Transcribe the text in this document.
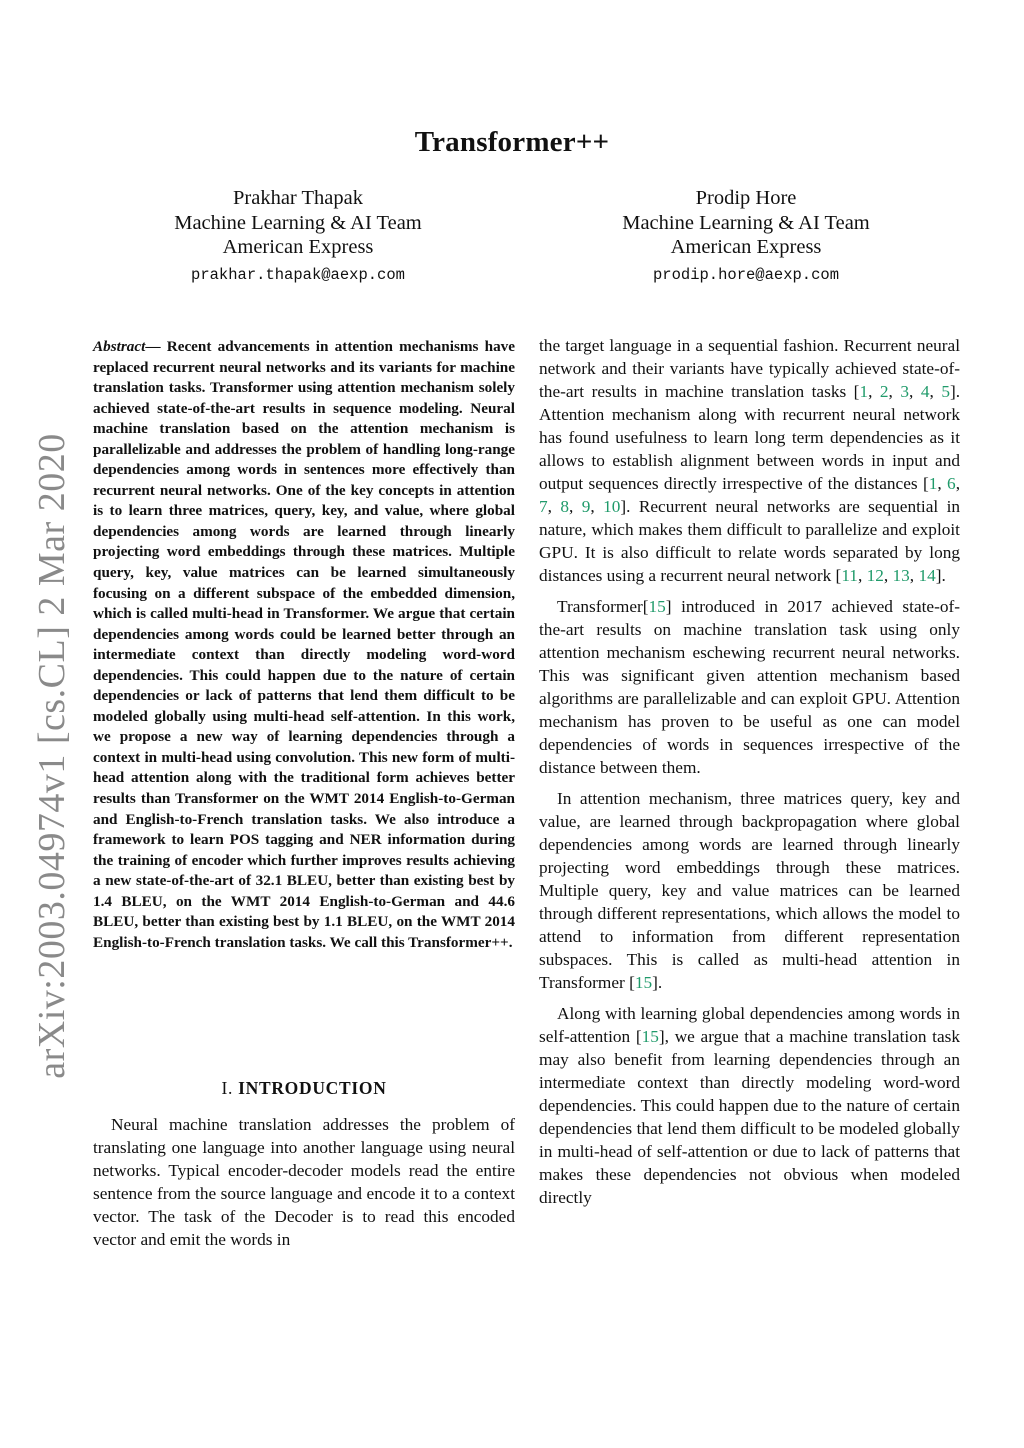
arXiv:2003.04974v1 [cs.CL] 2 Mar 2020
Transformer++
Prakhar Thapak
Machine Learning & AI Team
American Express
prakhar.thapak@aexp.com
Prodip Hore
Machine Learning & AI Team
American Express
prodip.hore@aexp.com
Abstract— Recent advancements in attention mechanisms have replaced recurrent neural networks and its variants for machine translation tasks. Transformer using attention mechanism solely achieved state-of-the-art results in sequence modeling. Neural machine translation based on the attention mechanism is parallelizable and addresses the problem of handling long-range dependencies among words in sentences more effectively than recurrent neural networks. One of the key concepts in attention is to learn three matrices, query, key, and value, where global dependencies among words are learned through linearly projecting word embeddings through these matrices. Multiple query, key, value matrices can be learned simultaneously focusing on a different subspace of the embedded dimension, which is called multi-head in Transformer. We argue that certain dependencies among words could be learned better through an intermediate context than directly modeling word-word dependencies. This could happen due to the nature of certain dependencies or lack of patterns that lend them difficult to be modeled globally using multi-head self-attention. In this work, we propose a new way of learning dependencies through a context in multi-head using convolution. This new form of multi-head attention along with the traditional form achieves better results than Transformer on the WMT 2014 English-to-German and English-to-French translation tasks. We also introduce a framework to learn POS tagging and NER information during the training of encoder which further improves results achieving a new state-of-the-art of 32.1 BLEU, better than existing best by 1.4 BLEU, on the WMT 2014 English-to-German and 44.6 BLEU, better than existing best by 1.1 BLEU, on the WMT 2014 English-to-French translation tasks. We call this Transformer++.
I. INTRODUCTION

Neural machine translation addresses the problem of translating one language into another language using neural networks. Typical encoder-decoder models read the entire sentence from the source language and encode it to a context vector. The task of the Decoder is to read this encoded vector and emit the words in

the target language in a sequential fashion. Recurrent neural network and their variants have typically achieved state-of-the-art results in machine translation tasks [1, 2, 3, 4, 5]. Attention mechanism along with recurrent neural network has found usefulness to learn long term dependencies as it allows to establish alignment between words in input and output sequences directly irrespective of the distances [1, 6, 7, 8, 9, 10]. Recurrent neural networks are sequential in nature, which makes them difficult to parallelize and exploit GPU. It is also difficult to relate words separated by long distances using a recurrent neural network [11, 12, 13, 14].

Transformer[15] introduced in 2017 achieved state-of-the-art results on machine translation task using only attention mechanism eschewing recurrent neural networks. This was significant given attention mechanism based algorithms are parallelizable and can exploit GPU. Attention mechanism has proven to be useful as one can model dependencies of words in sequences irrespective of the distance between them.

In attention mechanism, three matrices query, key and value, are learned through backpropagation where global dependencies among words are learned through linearly projecting word embeddings through these matrices. Multiple query, key and value matrices can be learned through different representations, which allows the model to attend to information from different representation subspaces. This is called as multi-head attention in Transformer [15].

Along with learning global dependencies among words in self-attention [15], we argue that a machine translation task may also benefit from learning dependencies through an intermediate context than directly modeling word-word dependencies. This could happen due to the nature of certain dependencies that lend them difficult to be modeled globally in multi-head of self-attention or due to lack of patterns that makes these dependencies not obvious when modeled directly
